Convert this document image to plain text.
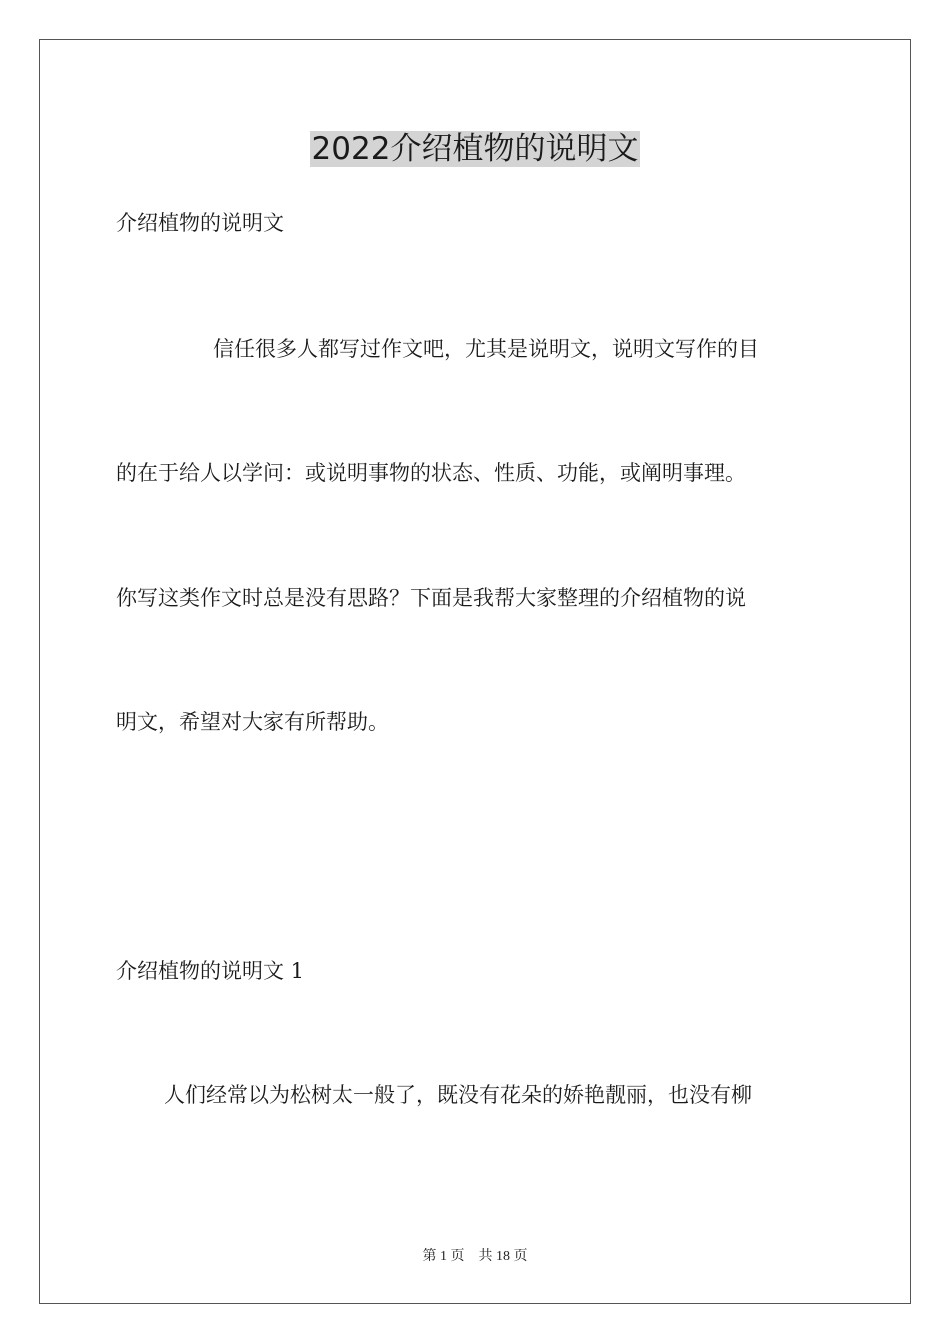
2022介绍植物的说明文
介绍植物的说明文
信任很多人都写过作文吧，尤其是说明文，说明文写作的目
的在于给人以学问：或说明事物的状态、性质、功能，或阐明事理。
你写这类作文时总是没有思路？下面是我帮大家整理的介绍植物的说
明文，希望对大家有所帮助。
介绍植物的说明文 1
人们经常以为松树太一般了，既没有花朵的娇艳靓丽，也没有柳
第 1 页 共 18 页
